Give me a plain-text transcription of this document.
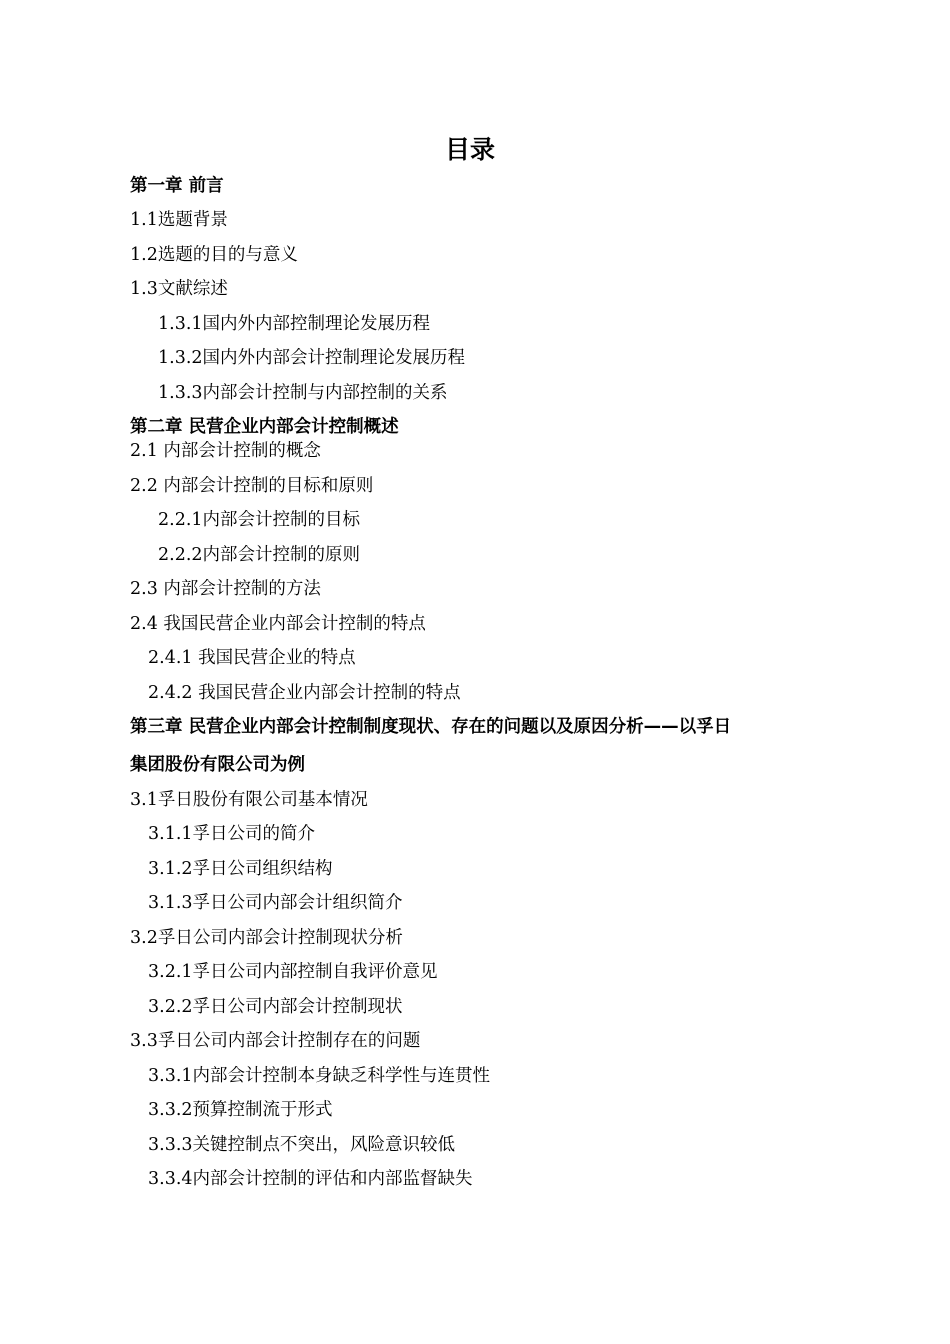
目录
第一章 前言
1.1选题背景
1.2选题的目的与意义
1.3文献综述
1.3.1国内外内部控制理论发展历程
1.3.2国内外内部会计控制理论发展历程
1.3.3内部会计控制与内部控制的关系
第二章 民营企业内部会计控制概述
2.1 内部会计控制的概念
2.2 内部会计控制的目标和原则
2.2.1内部会计控制的目标
2.2.2内部会计控制的原则
2.3 内部会计控制的方法
2.4 我国民营企业内部会计控制的特点
2.4.1 我国民营企业的特点
2.4.2 我国民营企业内部会计控制的特点
第三章 民营企业内部会计控制制度现状、存在的问题以及原因分析——以孚日
集团股份有限公司为例
3.1孚日股份有限公司基本情况
3.1.1孚日公司的简介
3.1.2孚日公司组织结构
3.1.3孚日公司内部会计组织简介
3.2孚日公司内部会计控制现状分析
3.2.1孚日公司内部控制自我评价意见
3.2.2孚日公司内部会计控制现状
3.3孚日公司内部会计控制存在的问题
3.3.1内部会计控制本身缺乏科学性与连贯性
3.3.2预算控制流于形式
3.3.3关键控制点不突出，风险意识较低
3.3.4内部会计控制的评估和内部监督缺失
